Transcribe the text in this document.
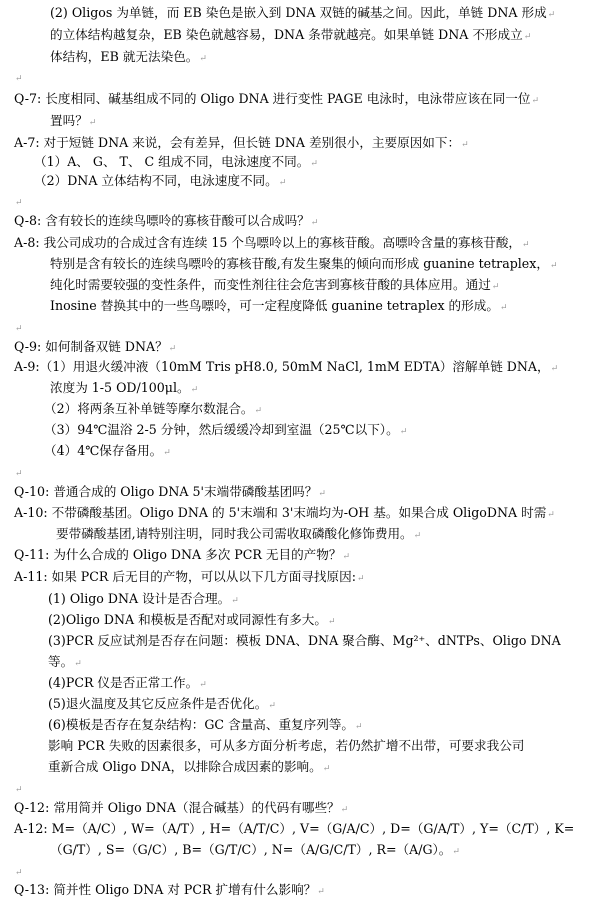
(2) Oligos 为单链，而 EB 染色是嵌入到 DNA 双链的碱基之间。因此，单链 DNA 形成↵
的立体结构越复杂，EB 染色就越容易，DNA 条带就越亮。如果单链 DNA 不形成立↵
体结构，EB 就无法染色。↵
↵
Q-7: 长度相同、碱基组成不同的 Oligo DNA 进行变性 PAGE 电泳时，电泳带应该在同一位↵
置吗？↵
A-7: 对于短链 DNA 来说，会有差异，但长链 DNA 差别很小，主要原因如下：↵
（1）A、 G、 T、 C 组成不同，电泳速度不同。↵
（2）DNA 立体结构不同，电泳速度不同。↵
↵
Q-8: 含有较长的连续鸟嘌呤的寡核苷酸可以合成吗？↵
A-8: 我公司成功的合成过含有连续 15 个鸟嘌呤以上的寡核苷酸。高嘌呤含量的寡核苷酸，↵
特别是含有较长的连续鸟嘌呤的寡核苷酸,有发生聚集的倾向而形成 guanine tetraplex，↵
纯化时需要较强的变性条件，而变性剂往往会危害到寡核苷酸的具体应用。通过↵
Inosine 替换其中的一些鸟嘌呤，可一定程度降低 guanine tetraplex 的形成。↵
↵
Q-9: 如何制备双链 DNA？↵
A-9:（1）用退火缓冲液（10mM Tris pH8.0, 50mM NaCl, 1mM EDTA）溶解单链 DNA，↵
浓度为 1-5 OD/100μl。↵
（2）将两条互补单链等摩尔数混合。↵
（3）94℃温浴 2-5 分钟，然后缓缓冷却到室温（25℃以下）。↵
（4）4℃保存备用。↵
↵
Q-10: 普通合成的 Oligo DNA 5'末端带磷酸基团吗？↵
A-10: 不带磷酸基团。Oligo DNA 的 5'末端和 3'末端均为-OH 基。如果合成 OligoDNA 时需↵
要带磷酸基团,请特别注明，同时我公司需收取磷酸化修饰费用。↵
Q-11: 为什么合成的 Oligo DNA 多次 PCR 无目的产物？↵
A-11: 如果 PCR 后无目的产物，可以从以下几方面寻找原因:↵
(1) Oligo DNA 设计是否合理。↵
(2)Oligo DNA 和模板是否配对或同源性有多大。↵
(3)PCR 反应试剂是否存在问题：模板 DNA、DNA 聚合酶、Mg²⁺、dNTPs、Oligo DNA
等。↵
(4)PCR 仪是否正常工作。↵
(5)退火温度及其它反应条件是否优化。↵
(6)模板是否存在复杂结构：GC 含量高、重复序列等。↵
影响 PCR 失败的因素很多，可从多方面分析考虑，若仍然扩增不出带，可要求我公司
重新合成 Oligo DNA，以排除合成因素的影响。↵
↵
Q-12: 常用简并 Oligo DNA（混合碱基）的代码有哪些？↵
A-12: M=（A/C）, W=（A/T）, H=（A/T/C）, V=（G/A/C）, D=（G/A/T）, Y=（C/T）, K=
（G/T）, S=（G/C）, B=（G/T/C）, N=（A/G/C/T）, R=（A/G）。↵
↵
Q-13: 简并性 Oligo DNA 对 PCR 扩增有什么影响？↵
